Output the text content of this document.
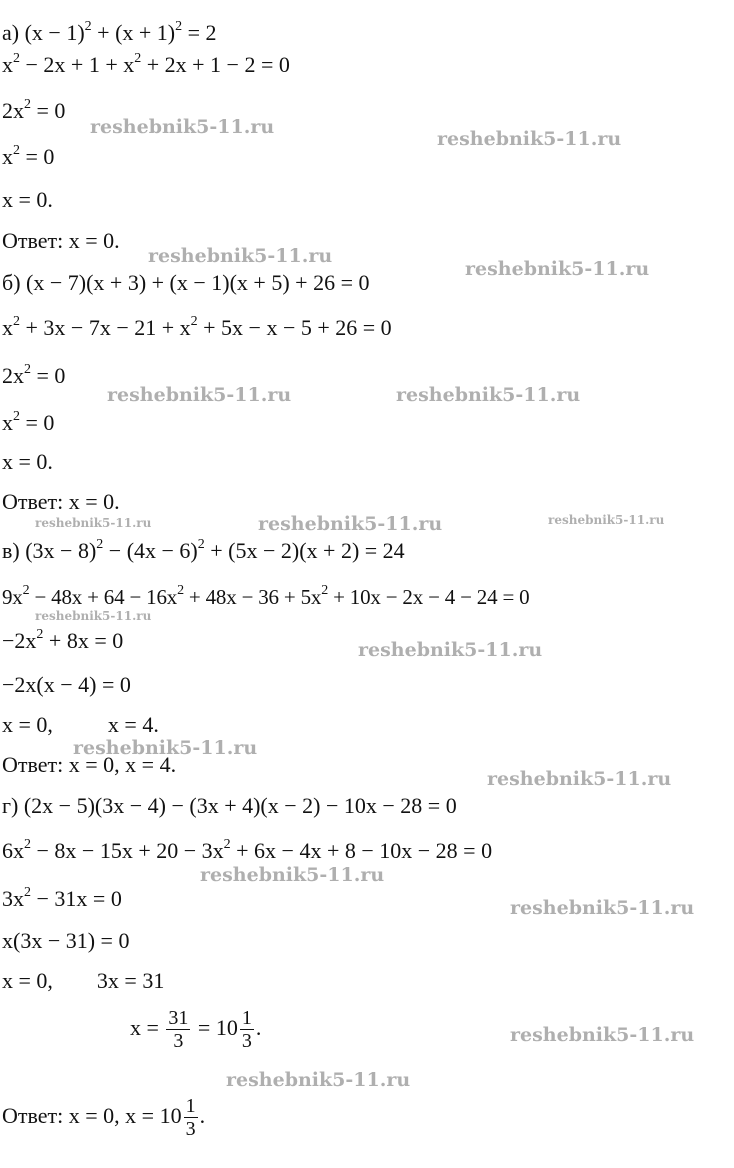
а) $(x - 1)^2 + (x + 1)^2 = 2$
$x^2 - 2x + 1 + x^2 + 2x + 1 - 2 = 0$
$2x^2 = 0$
$x^2 = 0$
x = 0.
Ответ: x = 0.
б) (x − 7)(x + 3) + (x − 1)(x + 5) + 26 = 0
$x^2 + 3x - 7x - 21 + x^2 + 5x - x - 5 + 26 = 0$
$2x^2 = 0$
$x^2 = 0$
x = 0.
Ответ: x = 0.
в) $(3x - 8)^2 - (4x - 6)^2 + (5x - 2)(x + 2) = 24$
$9x^2 - 48x + 64 - 16x^2 + 48x - 36 + 5x^2 + 10x - 2x - 4 - 24 = 0$
$-2x^2 + 8x = 0$
−2x(x − 4) = 0
x = 0,          x = 4.
Ответ: x = 0, x = 4.
г) (2x − 5)(3x − 4) − (3x + 4)(x − 2) − 10x − 28 = 0
$6x^2 - 8x - 15x + 20 - 3x^2 + 6x - 4x + 8 - 10x - 28 = 0$
$3x^2 - 31x = 0$
x(3x − 31) = 0
x = 0,        3x = 31
$x = \frac{31}{3} = 10 \frac{1}{3}$ .
Ответ: x = 0, $x = 10 \frac{1}{3}$ .
reshebnik5-11.ru
reshebnik5-11.ru
reshebnik5-11.ru
reshebnik5-11.ru
reshebnik5-11.ru	reshebnik5-11.ru
reshebnik5-11.ru	reshebnik5-11.ru	reshebnik5-11.ru
reshebnik5-11.ru
reshebnik5-11.ru
reshebnik5-11.ru
reshebnik5-11.ru
reshebnik5-11.ru
reshebnik5-11.ru
reshebnik5-11.ru
reshebnik5-11.ru
